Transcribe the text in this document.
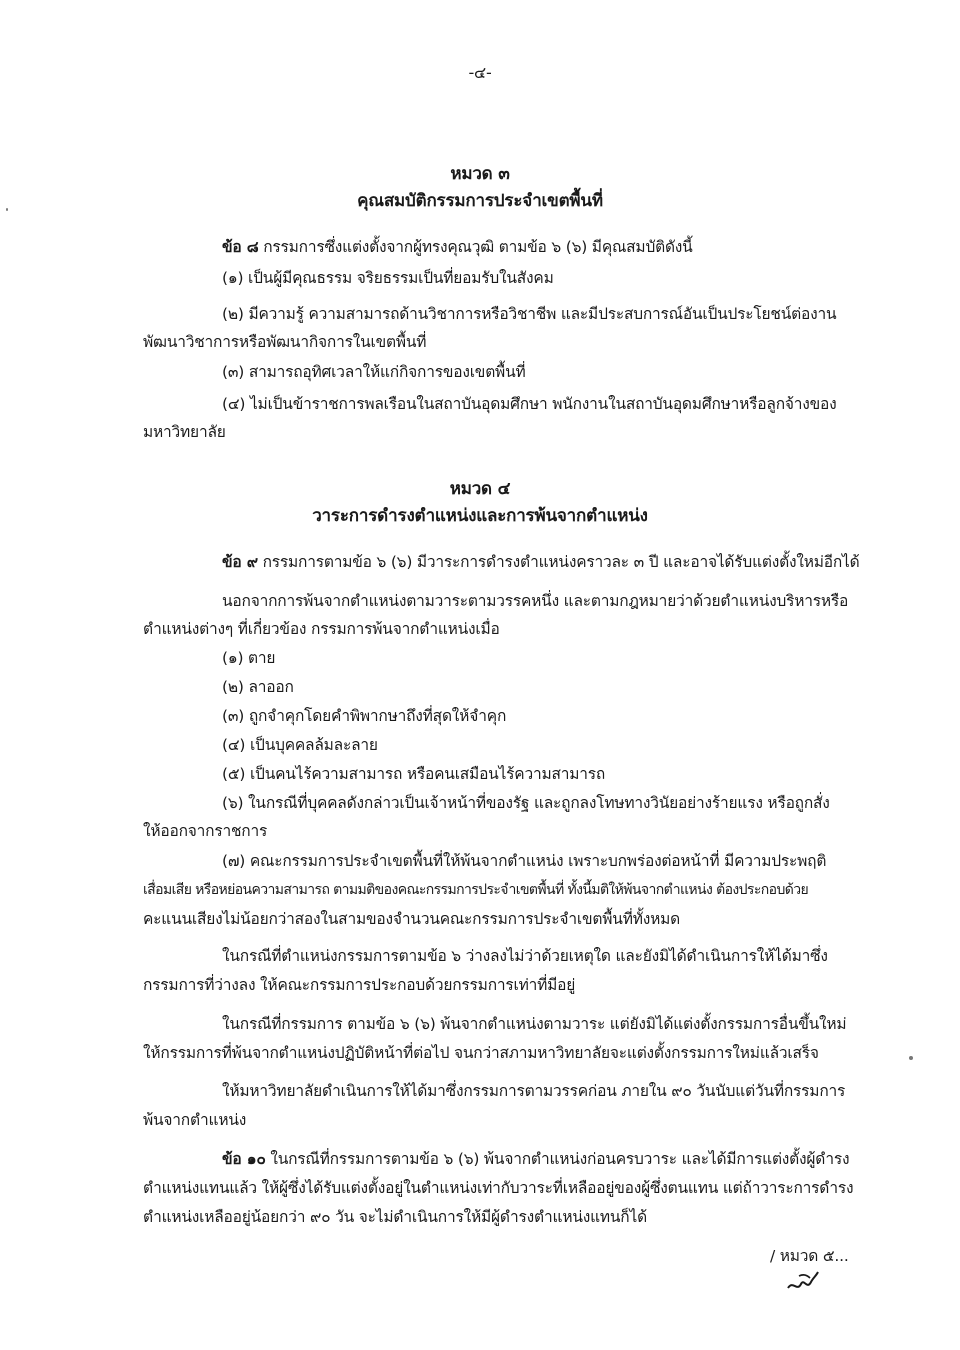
-๔-
หมวด ๓
คุณสมบัติกรรมการประจำเขตพื้นที่
ข้อ ๘ กรรมการซึ่งแต่งตั้งจากผู้ทรงคุณวุฒิ ตามข้อ ๖ (๖) มีคุณสมบัติดังนี้
(๑) เป็นผู้มีคุณธรรม จริยธรรมเป็นที่ยอมรับในสังคม
(๒) มีความรู้ ความสามารถด้านวิชาการหรือวิชาชีพ และมีประสบการณ์อันเป็นประโยชน์ต่องาน
พัฒนาวิชาการหรือพัฒนากิจการในเขตพื้นที่
(๓) สามารถอุทิศเวลาให้แก่กิจการของเขตพื้นที่
(๔) ไม่เป็นข้าราชการพลเรือนในสถาบันอุดมศึกษา พนักงานในสถาบันอุดมศึกษาหรือลูกจ้างของ
มหาวิทยาลัย
หมวด ๔
วาระการดำรงตำแหน่งและการพ้นจากตำแหน่ง
ข้อ ๙ กรรมการตามข้อ ๖ (๖) มีวาระการดำรงตำแหน่งคราวละ ๓ ปี และอาจได้รับแต่งตั้งใหม่อีกได้
นอกจากการพ้นจากตำแหน่งตามวาระตามวรรคหนึ่ง และตามกฎหมายว่าด้วยตำแหน่งบริหารหรือ
ตำแหน่งต่างๆ ที่เกี่ยวข้อง กรรมการพ้นจากตำแหน่งเมื่อ
(๑) ตาย
(๒) ลาออก
(๓) ถูกจำคุกโดยคำพิพากษาถึงที่สุดให้จำคุก
(๔) เป็นบุคคลล้มละลาย
(๕) เป็นคนไร้ความสามารถ หรือคนเสมือนไร้ความสามารถ
(๖) ในกรณีที่บุคคลดังกล่าวเป็นเจ้าหน้าที่ของรัฐ และถูกลงโทษทางวินัยอย่างร้ายแรง หรือถูกสั่ง
ให้ออกจากราชการ
(๗) คณะกรรมการประจำเขตพื้นที่ให้พ้นจากตำแหน่ง เพราะบกพร่องต่อหน้าที่ มีความประพฤติ
เสื่อมเสีย หรือหย่อนความสามารถ ตามมติของคณะกรรมการประจำเขตพื้นที่ ทั้งนี้มติให้พ้นจากตำแหน่ง ต้องประกอบด้วย
คะแนนเสียงไม่น้อยกว่าสองในสามของจำนวนคณะกรรมการประจำเขตพื้นที่ทั้งหมด
ในกรณีที่ตำแหน่งกรรมการตามข้อ ๖ ว่างลงไม่ว่าด้วยเหตุใด และยังมิได้ดำเนินการให้ได้มาซึ่ง
กรรมการที่ว่างลง ให้คณะกรรมการประกอบด้วยกรรมการเท่าที่มีอยู่
ในกรณีที่กรรมการ ตามข้อ ๖ (๖) พ้นจากตำแหน่งตามวาระ แต่ยังมิได้แต่งตั้งกรรมการอื่นขึ้นใหม่
ให้กรรมการที่พ้นจากตำแหน่งปฏิบัติหน้าที่ต่อไป จนกว่าสภามหาวิทยาลัยจะแต่งตั้งกรรมการใหม่แล้วเสร็จ
ให้มหาวิทยาลัยดำเนินการให้ได้มาซึ่งกรรมการตามวรรคก่อน ภายใน ๙๐ วันนับแต่วันที่กรรมการ
พ้นจากตำแหน่ง
ข้อ ๑๐ ในกรณีที่กรรมการตามข้อ ๖ (๖) พ้นจากตำแหน่งก่อนครบวาระ และได้มีการแต่งตั้งผู้ดำรง
ตำแหน่งแทนแล้ว ให้ผู้ซึ่งได้รับแต่งตั้งอยู่ในตำแหน่งเท่ากับวาระที่เหลืออยู่ของผู้ซึ่งตนแทน แต่ถ้าวาระการดำรง
ตำแหน่งเหลืออยู่น้อยกว่า ๙๐ วัน จะไม่ดำเนินการให้มีผู้ดำรงตำแหน่งแทนก็ได้
/ หมวด ๕...
